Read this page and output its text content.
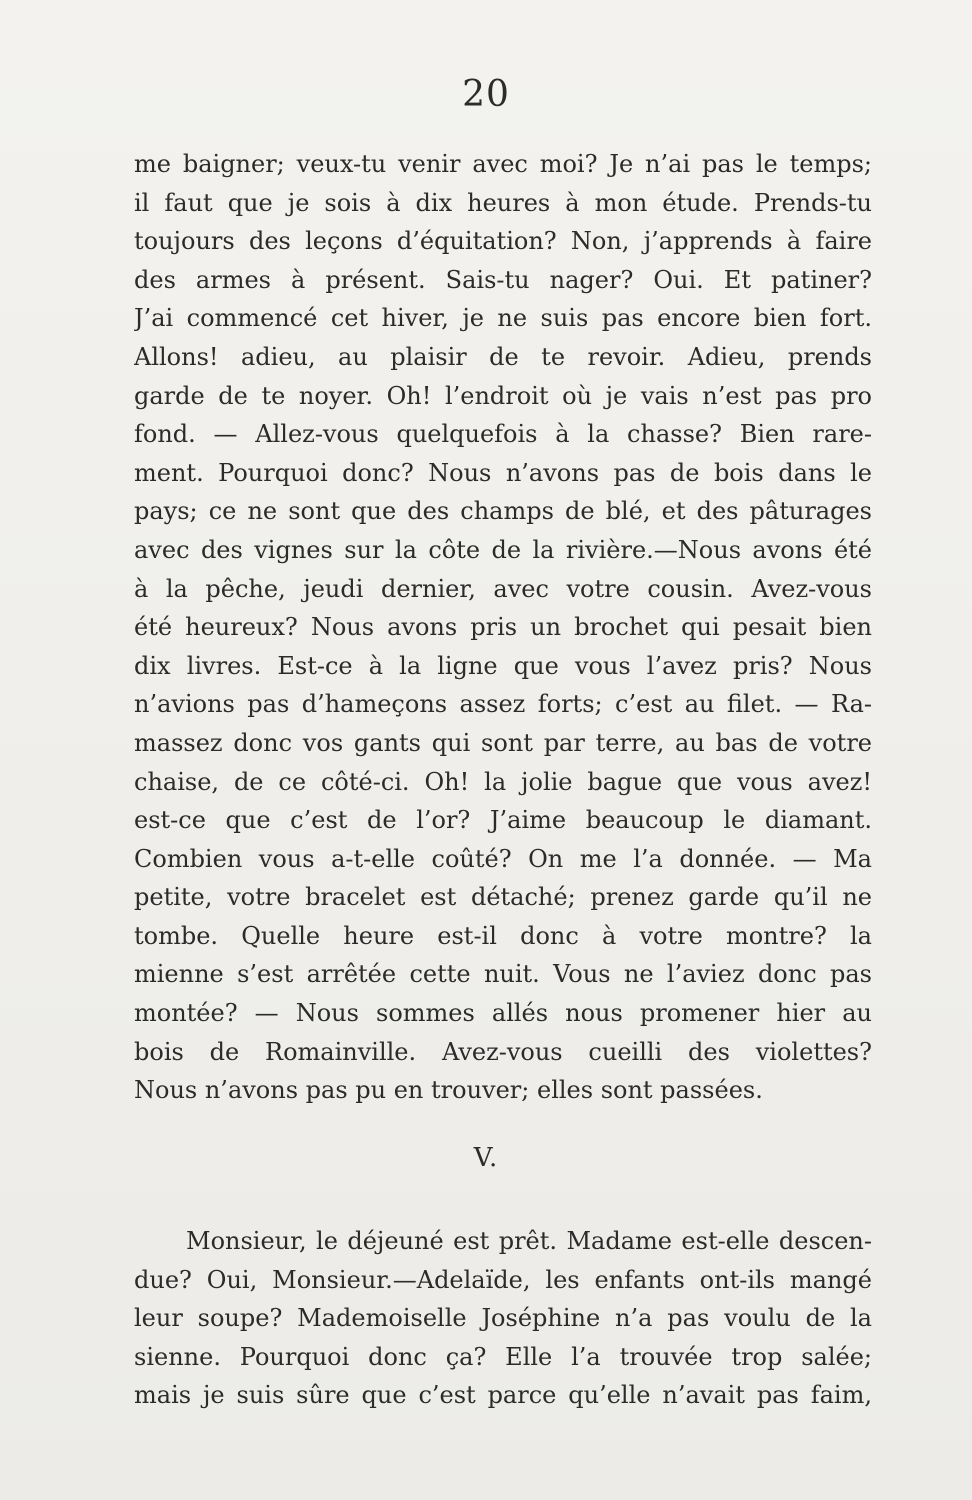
20
me baigner; veux-tu venir avec moi? Je n’ai pas le temps;
il faut que je sois à dix heures à mon étude. Prends-tu
toujours des leçons d’équitation? Non, j’apprends à faire
des armes à présent. Sais-tu nager? Oui. Et patiner?
J’ai commencé cet hiver, je ne suis pas encore bien fort.
Allons! adieu, au plaisir de te revoir. Adieu, prends
garde de te noyer. Oh! l’endroit où je vais n’est pas pro
fond. — Allez-vous quelquefois à la chasse? Bien rare-
ment. Pourquoi donc? Nous n’avons pas de bois dans le
pays; ce ne sont que des champs de blé, et des pâturages
avec des vignes sur la côte de la rivière.—Nous avons été
à la pêche, jeudi dernier, avec votre cousin. Avez-vous
été heureux? Nous avons pris un brochet qui pesait bien
dix livres. Est-ce à la ligne que vous l’avez pris? Nous
n’avions pas d’hameçons assez forts; c’est au filet. — Ra-
massez donc vos gants qui sont par terre, au bas de votre
chaise, de ce côté-ci. Oh! la jolie bague que vous avez!
est-ce que c’est de l’or? J’aime beaucoup le diamant.
Combien vous a-t-elle coûté? On me l’a donnée. — Ma
petite, votre bracelet est détaché; prenez garde qu’il ne
tombe. Quelle heure est-il donc à votre montre? la
mienne s’est arrêtée cette nuit. Vous ne l’aviez donc pas
montée? — Nous sommes allés nous promener hier au
bois de Romainville. Avez-vous cueilli des violettes?
Nous n’avons pas pu en trouver; elles sont passées.
V.
Monsieur, le déjeuné est prêt. Madame est-elle descen-
due? Oui, Monsieur.—Adelaïde, les enfants ont-ils mangé
leur soupe? Mademoiselle Joséphine n’a pas voulu de la
sienne. Pourquoi donc ça? Elle l’a trouvée trop salée;
mais je suis sûre que c’est parce qu’elle n’avait pas faim,
